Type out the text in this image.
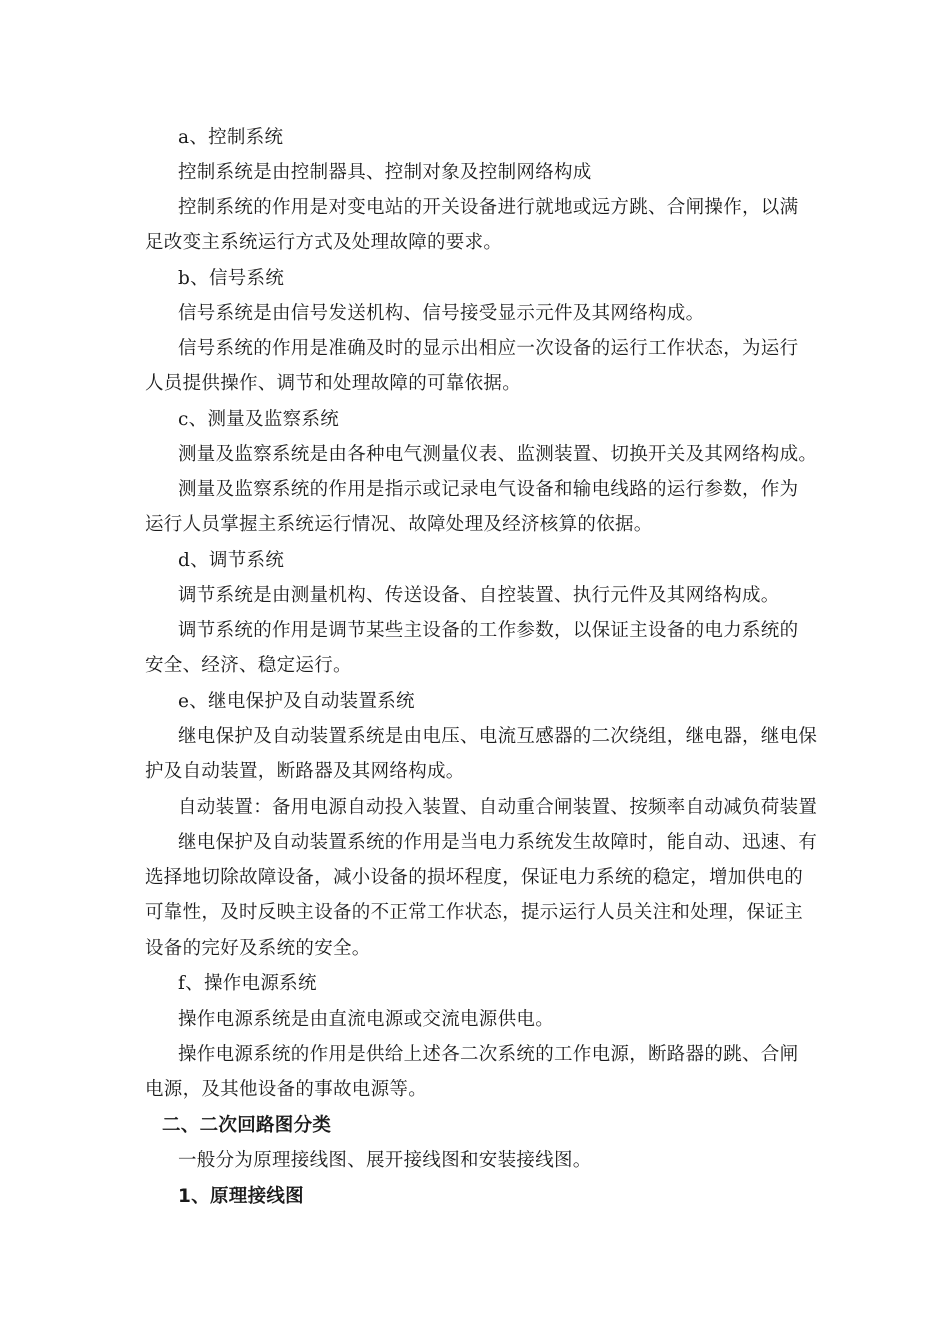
a、控制系统
控制系统是由控制器具、控制对象及控制网络构成
控制系统的作用是对变电站的开关设备进行就地或远方跳、合闸操作，以满
足改变主系统运行方式及处理故障的要求。
b、信号系统
信号系统是由信号发送机构、信号接受显示元件及其网络构成。
信号系统的作用是准确及时的显示出相应一次设备的运行工作状态，为运行
人员提供操作、调节和处理故障的可靠依据。
c、测量及监察系统
测量及监察系统是由各种电气测量仪表、监测装置、切换开关及其网络构成。
测量及监察系统的作用是指示或记录电气设备和输电线路的运行参数，作为
运行人员掌握主系统运行情况、故障处理及经济核算的依据。
d、调节系统
调节系统是由测量机构、传送设备、自控装置、执行元件及其网络构成。
调节系统的作用是调节某些主设备的工作参数，以保证主设备的电力系统的
安全、经济、稳定运行。
e、继电保护及自动装置系统
继电保护及自动装置系统是由电压、电流互感器的二次绕组，继电器，继电保
护及自动装置，断路器及其网络构成。
自动装置：备用电源自动投入装置、自动重合闸装置、按频率自动减负荷装置
继电保护及自动装置系统的作用是当电力系统发生故障时，能自动、迅速、有
选择地切除故障设备，减小设备的损坏程度，保证电力系统的稳定，增加供电的
可靠性，及时反映主设备的不正常工作状态，提示运行人员关注和处理，保证主
设备的完好及系统的安全。
f、操作电源系统
操作电源系统是由直流电源或交流电源供电。
操作电源系统的作用是供给上述各二次系统的工作电源，断路器的跳、合闸
电源，及其他设备的事故电源等。
二、二次回路图分类
一般分为原理接线图、展开接线图和安装接线图。
1、原理接线图
